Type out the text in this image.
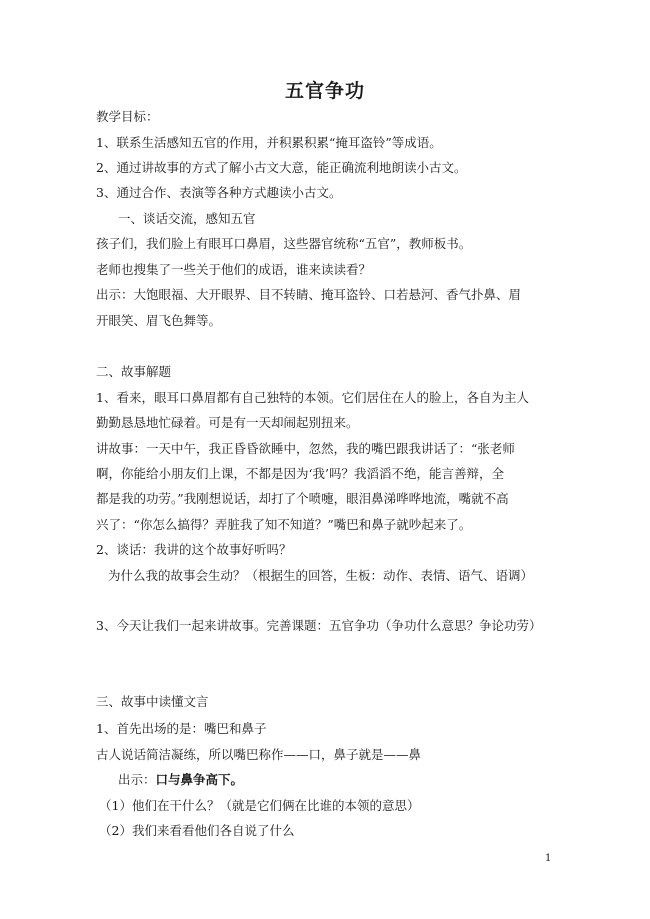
五官争功
教学目标：
1、联系生活感知五官的作用，并积累积累“掩耳盗铃”等成语。
2、通过讲故事的方式了解小古文大意，能正确流利地朗读小古文。
3、通过合作、表演等各种方式趣读小古文。
一、谈话交流，感知五官
孩子们，我们脸上有眼耳口鼻眉，这些器官统称“五官”，教师板书。
老师也搜集了一些关于他们的成语，谁来读读看？
出示：大饱眼福、大开眼界、目不转睛、掩耳盗铃、口若悬河、香气扑鼻、眉
开眼笑、眉飞色舞等。
二、故事解题
1、看来，眼耳口鼻眉都有自己独特的本领。它们居住在人的脸上，各自为主人
勤勤恳恳地忙碌着。可是有一天却闹起别扭来。
讲故事：一天中午，我正昏昏欲睡中，忽然，我的嘴巴跟我讲话了：“张老师
啊，你能给小朋友们上课，不都是因为‘我’吗？我滔滔不绝，能言善辩，全
都是我的功劳。”我刚想说话，却打了个喷嚏，眼泪鼻涕哗哗地流，嘴就不高
兴了：“你怎么搞得？弄脏我了知不知道？”嘴巴和鼻子就吵起来了。
2、谈话：我讲的这个故事好听吗？
为什么我的故事会生动？（根据生的回答，生板：动作、表情、语气、语调）
3、今天让我们一起来讲故事。完善课题：五官争功（争功什么意思？争论功劳）
三、故事中读懂文言
1、首先出场的是：嘴巴和鼻子
古人说话简洁凝练，所以嘴巴称作——口，鼻子就是——鼻
出示：口与鼻争高下。
（1）他们在干什么？（就是它们俩在比谁的本领的意思）
（2）我们来看看他们各自说了什么
1
